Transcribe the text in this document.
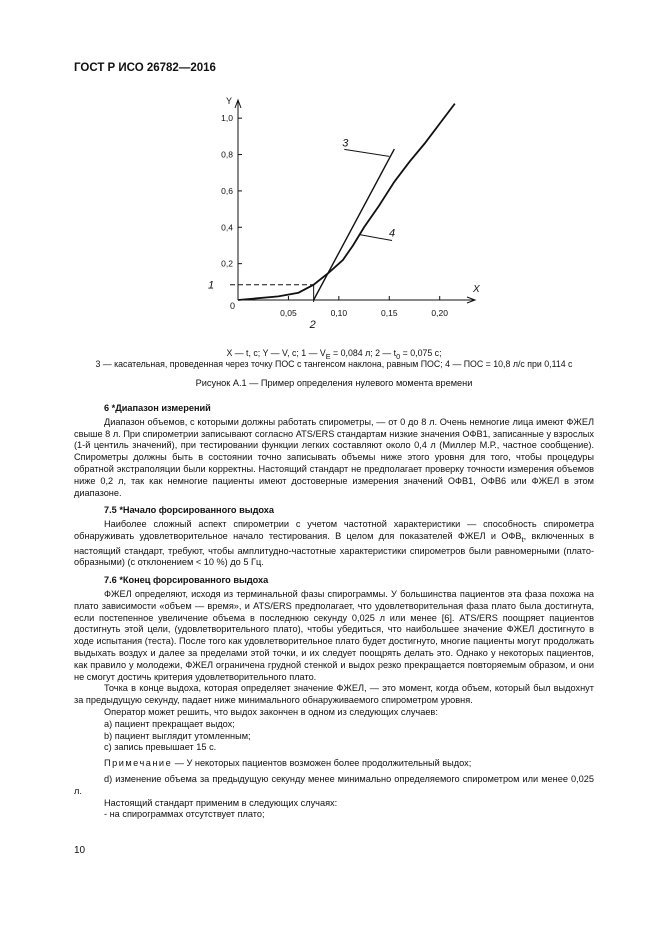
ГОСТ Р ИСО 26782—2016
Y
X
0
0,2
0,4
0,6
0,8
1,0
0,05	0,10	0,15	0,20
1
2
3
4
X — t, с; Y — V, с; 1 — $V_E = 0,084$ л; 2 — $t_0 = 0,075$ с;
3 — касательная, проведенная через точку ПОС с тангенсом наклона, равным ПОС; 4 — ПОС = 10,8 л/с при 0,114 с
Рисунок А.1 — Пример определения нулевого момента времени
6 *Диапазон измерений

Диапазон объемов, с которыми должны работать спирометры, — от 0 до 8 л. Очень немногие лица имеют ФЖЕЛ свыше 8 л. При спирометрии записывают согласно ATS/ERS стандартам низкие значения ОФВ1, записанные у взрослых (1-й центиль значений), при тестировании функции легких составляют около 0,4 л (Миллер М.Р., частное сообщение). Спирометры должны быть в состоянии точно записывать объемы ниже этого уровня для того, чтобы процедуры обратной экстраполяции были корректны. Настоящий стандарт не предполагает проверку точности измерения объемов ниже 0,2 л, так как немногие пациенты имеют достоверные измерения значений ОФВ1, ОФВ6 или ФЖЕЛ в этом диапазоне.

7.5 *Начало форсированного выдоха

Наиболее сложный аспект спирометрии с учетом частотной характеристики — способность спирометра обнаруживать удовлетворительное начало тестирования. В целом для показателей ФЖЕЛ и $ОФВ_t$, включенных в настоящий стандарт, требуют, чтобы амплитудно-частотные характеристики спирометров были равномерными (платообразными) (с отклонением < 10 %) до 5 Гц.

7.6 *Конец форсированного выдоха

ФЖЕЛ определяют, исходя из терминальной фазы спирограммы. У большинства пациентов эта фаза похожа на плато зависимости «объем — время», и ATS/ERS предполагает, что удовлетворительная фаза плато была достигнута, если постепенное увеличение объема в последнюю секунду 0,025 л или менее [6]. ATS/ERS поощряет пациентов достигнуть этой цели, (удовлетворительного плато), чтобы убедиться, что наибольшее значение ФЖЕЛ достигнуто в ходе испытания (теста). После того как удовлетворительное плато будет достигнуто, многие пациенты могут продолжать выдыхать воздух и далее за пределами этой точки, и их следует поощрять делать это. Однако у некоторых пациентов, как правило у молодежи, ФЖЕЛ ограничена грудной стенкой и выдох резко прекращается повторяемым образом, и они не смогут достичь критерия удовлетворительного плато.

Точка в конце выдоха, которая определяет значение ФЖЕЛ, — это момент, когда объем, который был выдохнут за предыдущую секунду, падает ниже минимального обнаруживаемого спирометром уровня.

Оператор может решить, что выдох закончен в одном из следующих случаев:

а) пациент прекращает выдох;

b) пациент выглядит утомленным;

с) запись превышает 15 с.

Примечание — У некоторых пациентов возможен более продолжительный выдох;

d) изменение объема за предыдущую секунду менее минимально определяемого спирометром или менее 0,025 л.

Настоящий стандарт применим в следующих случаях:

- на спирограммах отсутствует плато;

10
